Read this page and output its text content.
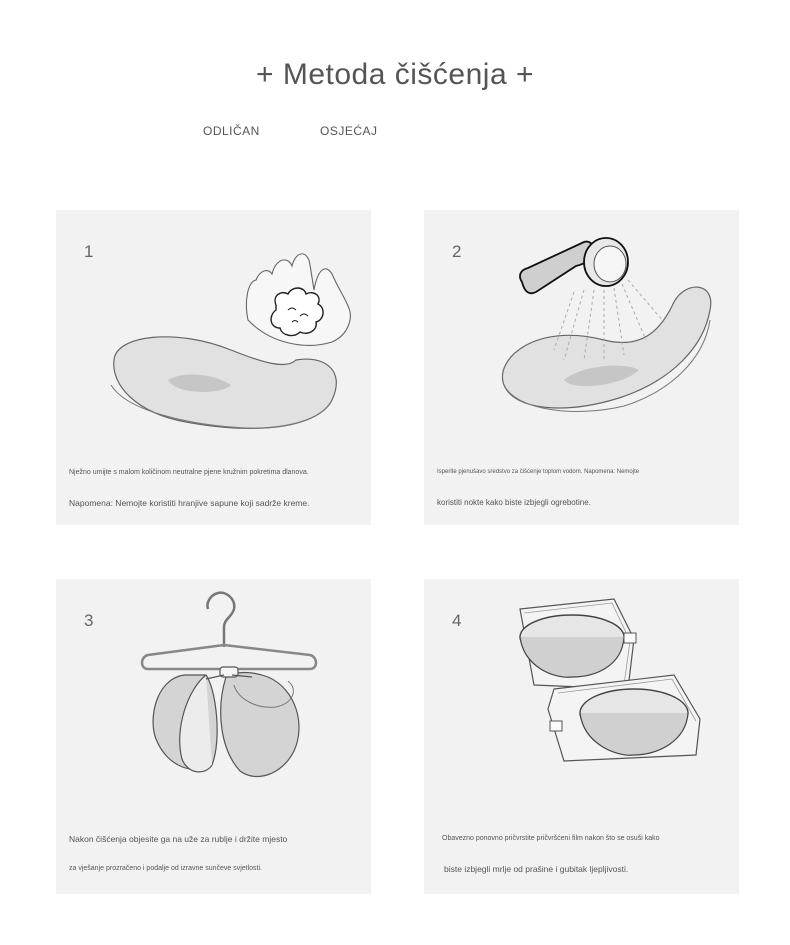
+ Metoda čišćenja +
ODLIČAN	OSJEĆAJ
1
Nježno umijte s malom količinom neutralne pjene kružnim pokretima dlanova.
Napomena: Nemojte koristiti hranjive sapune koji sadrže kreme.
2
Isperite pjenušavo sredstvo za čišćenje toplom vodom. Napomena: Nemojte
koristiti nokte kako biste izbjegli ogrebotine.
3
Nakon čišćenja objesite ga na uže za rublje i držite mjesto
za vješanje prozračeno i podalje od izravne sunčeve svjetlosti.
4
Obavezno ponovno pričvrstite pričvršćeni film nakon što se osuši kako
biste izbjegli mrlje od prašine i gubitak ljepljivosti.
